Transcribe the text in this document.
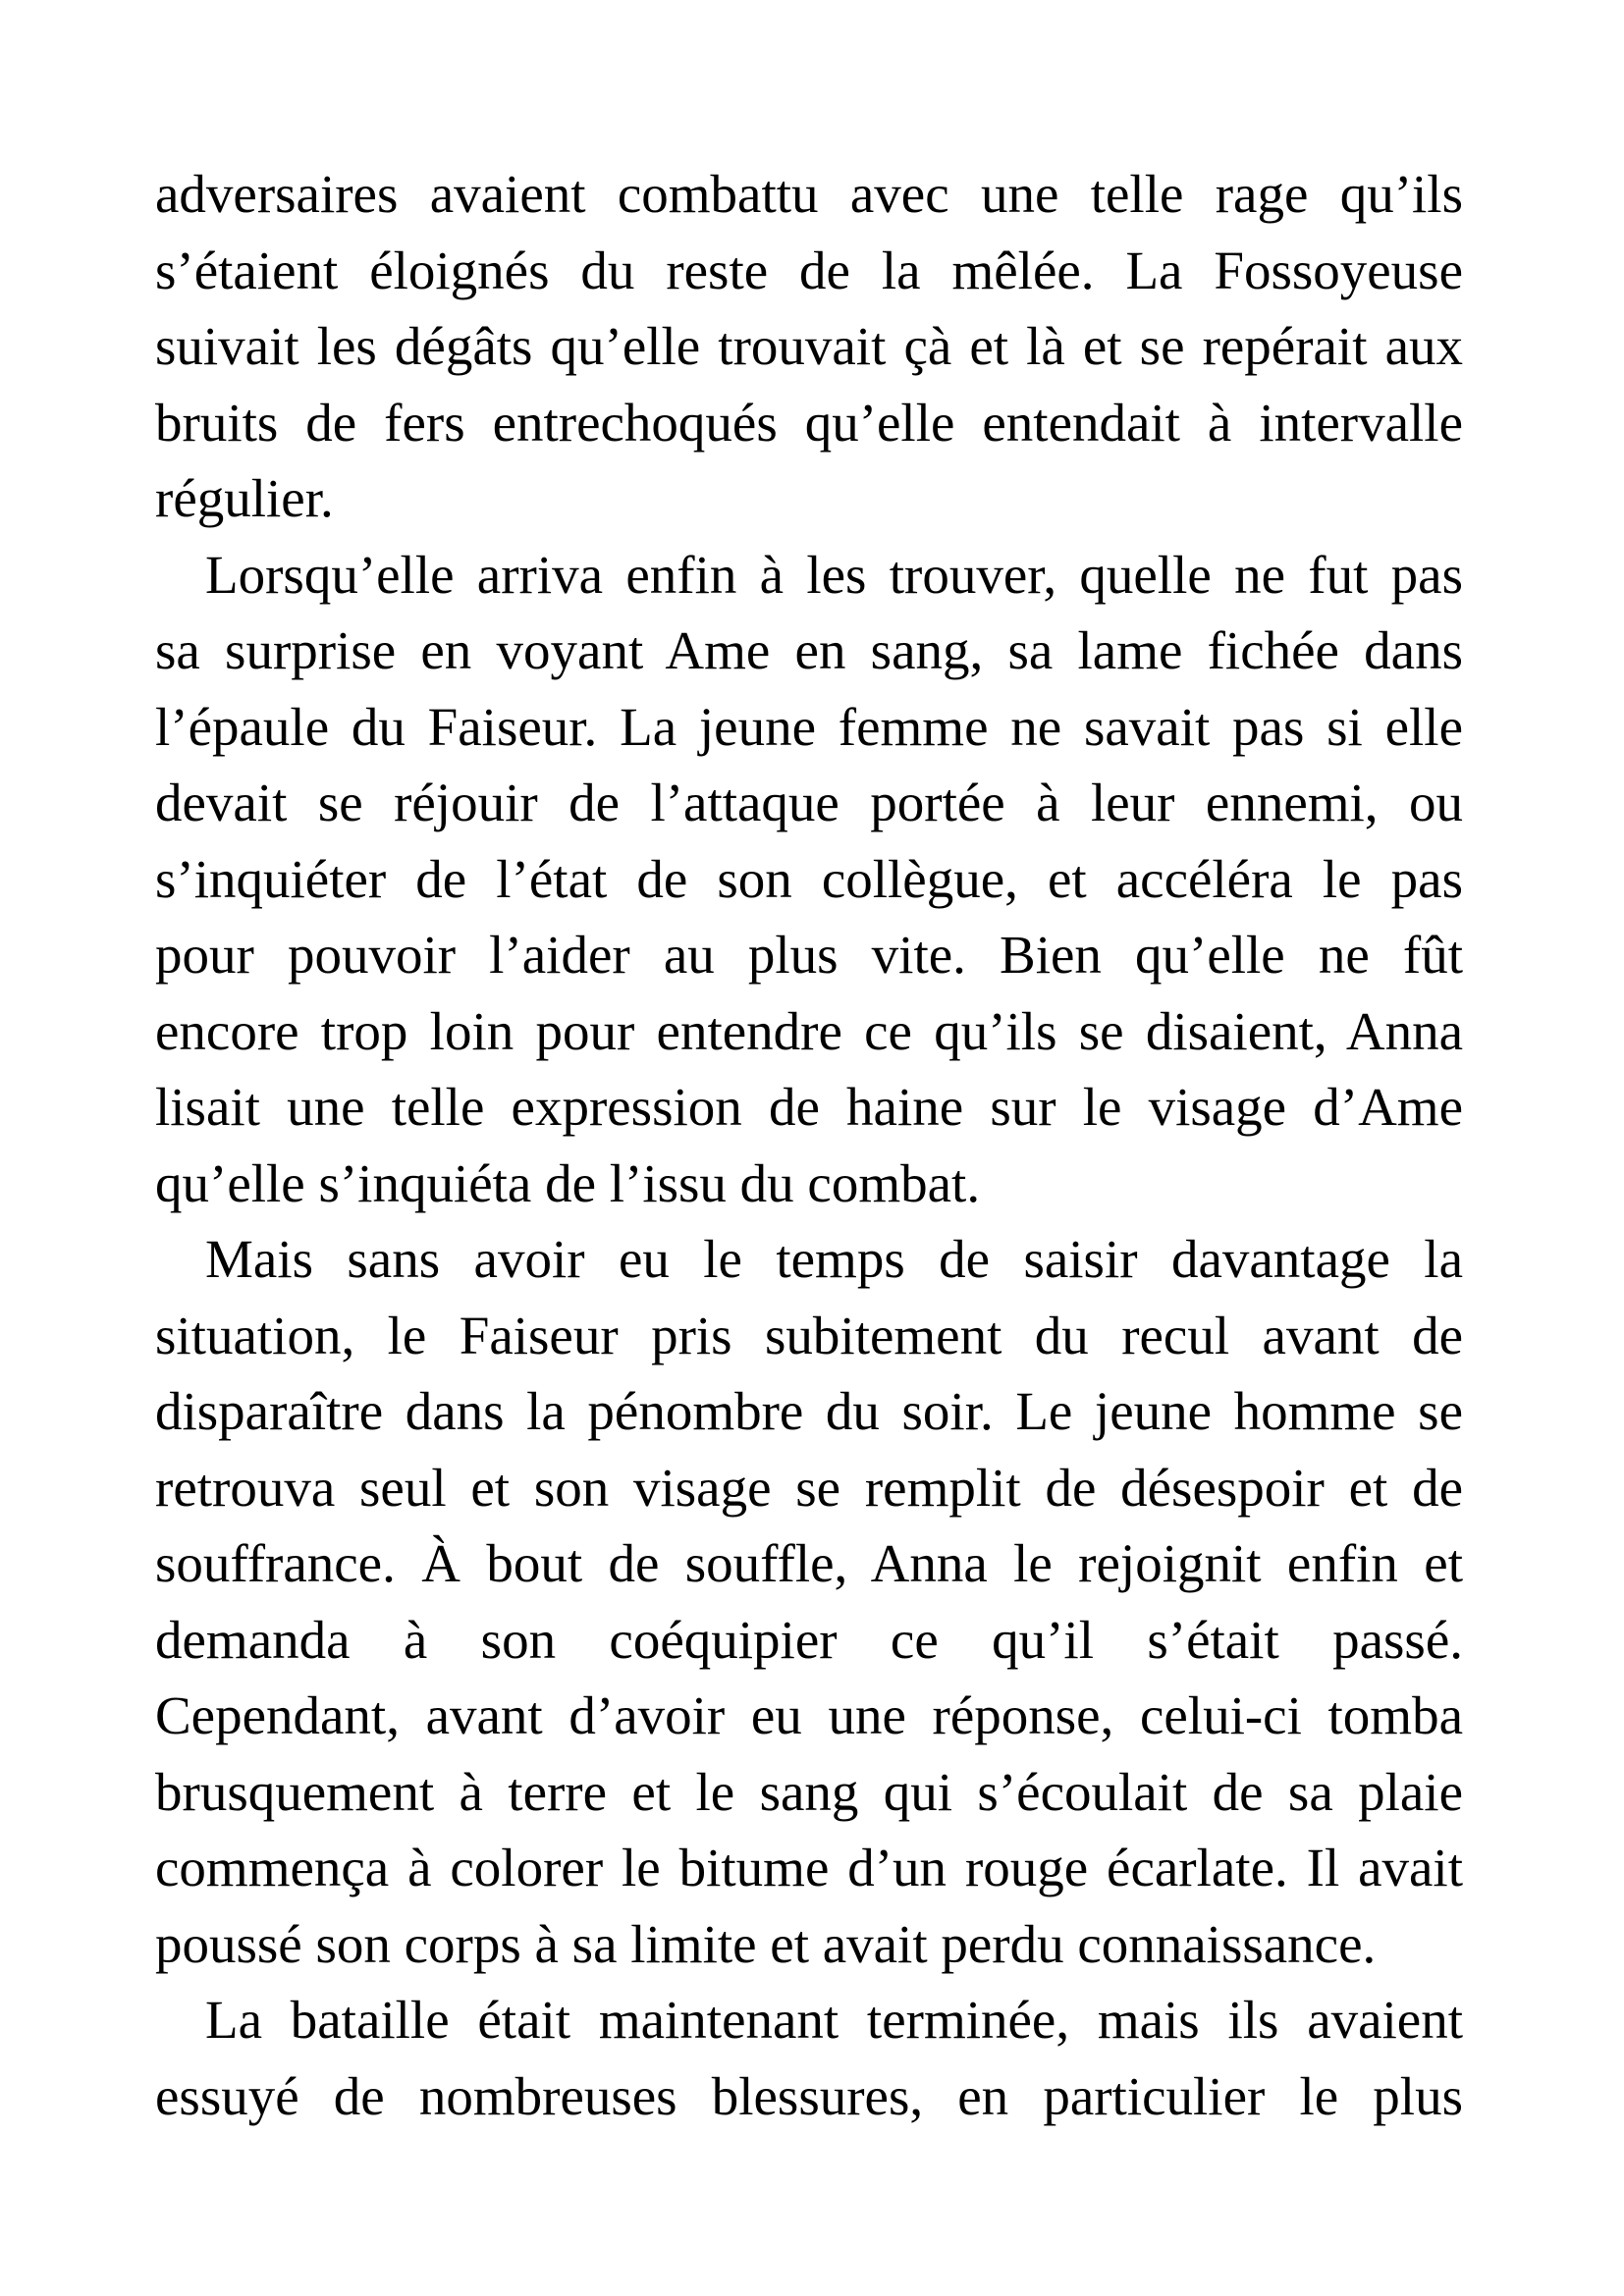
adversaires avaient combattu avec une telle rage qu’ils
s’étaient éloignés du reste de la mêlée. La Fossoyeuse
suivait les dégâts qu’elle trouvait çà et là et se repérait aux
bruits de fers entrechoqués qu’elle entendait à intervalle
régulier.
Lorsqu’elle arriva enfin à les trouver, quelle ne fut pas
sa surprise en voyant Ame en sang, sa lame fichée dans
l’épaule du Faiseur. La jeune femme ne savait pas si elle
devait se réjouir de l’attaque portée à leur ennemi, ou
s’inquiéter de l’état de son collègue, et accéléra le pas
pour pouvoir l’aider au plus vite. Bien qu’elle ne fût
encore trop loin pour entendre ce qu’ils se disaient, Anna
lisait une telle expression de haine sur le visage d’Ame
qu’elle s’inquiéta de l’issu du combat.
Mais sans avoir eu le temps de saisir davantage la
situation, le Faiseur pris subitement du recul avant de
disparaître dans la pénombre du soir. Le jeune homme se
retrouva seul et son visage se remplit de désespoir et de
souffrance. À bout de souffle, Anna le rejoignit enfin et
demanda à son coéquipier ce qu’il s’était passé.
Cependant, avant d’avoir eu une réponse, celui-ci tomba
brusquement à terre et le sang qui s’écoulait de sa plaie
commença à colorer le bitume d’un rouge écarlate. Il avait
poussé son corps à sa limite et avait perdu connaissance.
La bataille était maintenant terminée, mais ils avaient
essuyé de nombreuses blessures, en particulier le plus
